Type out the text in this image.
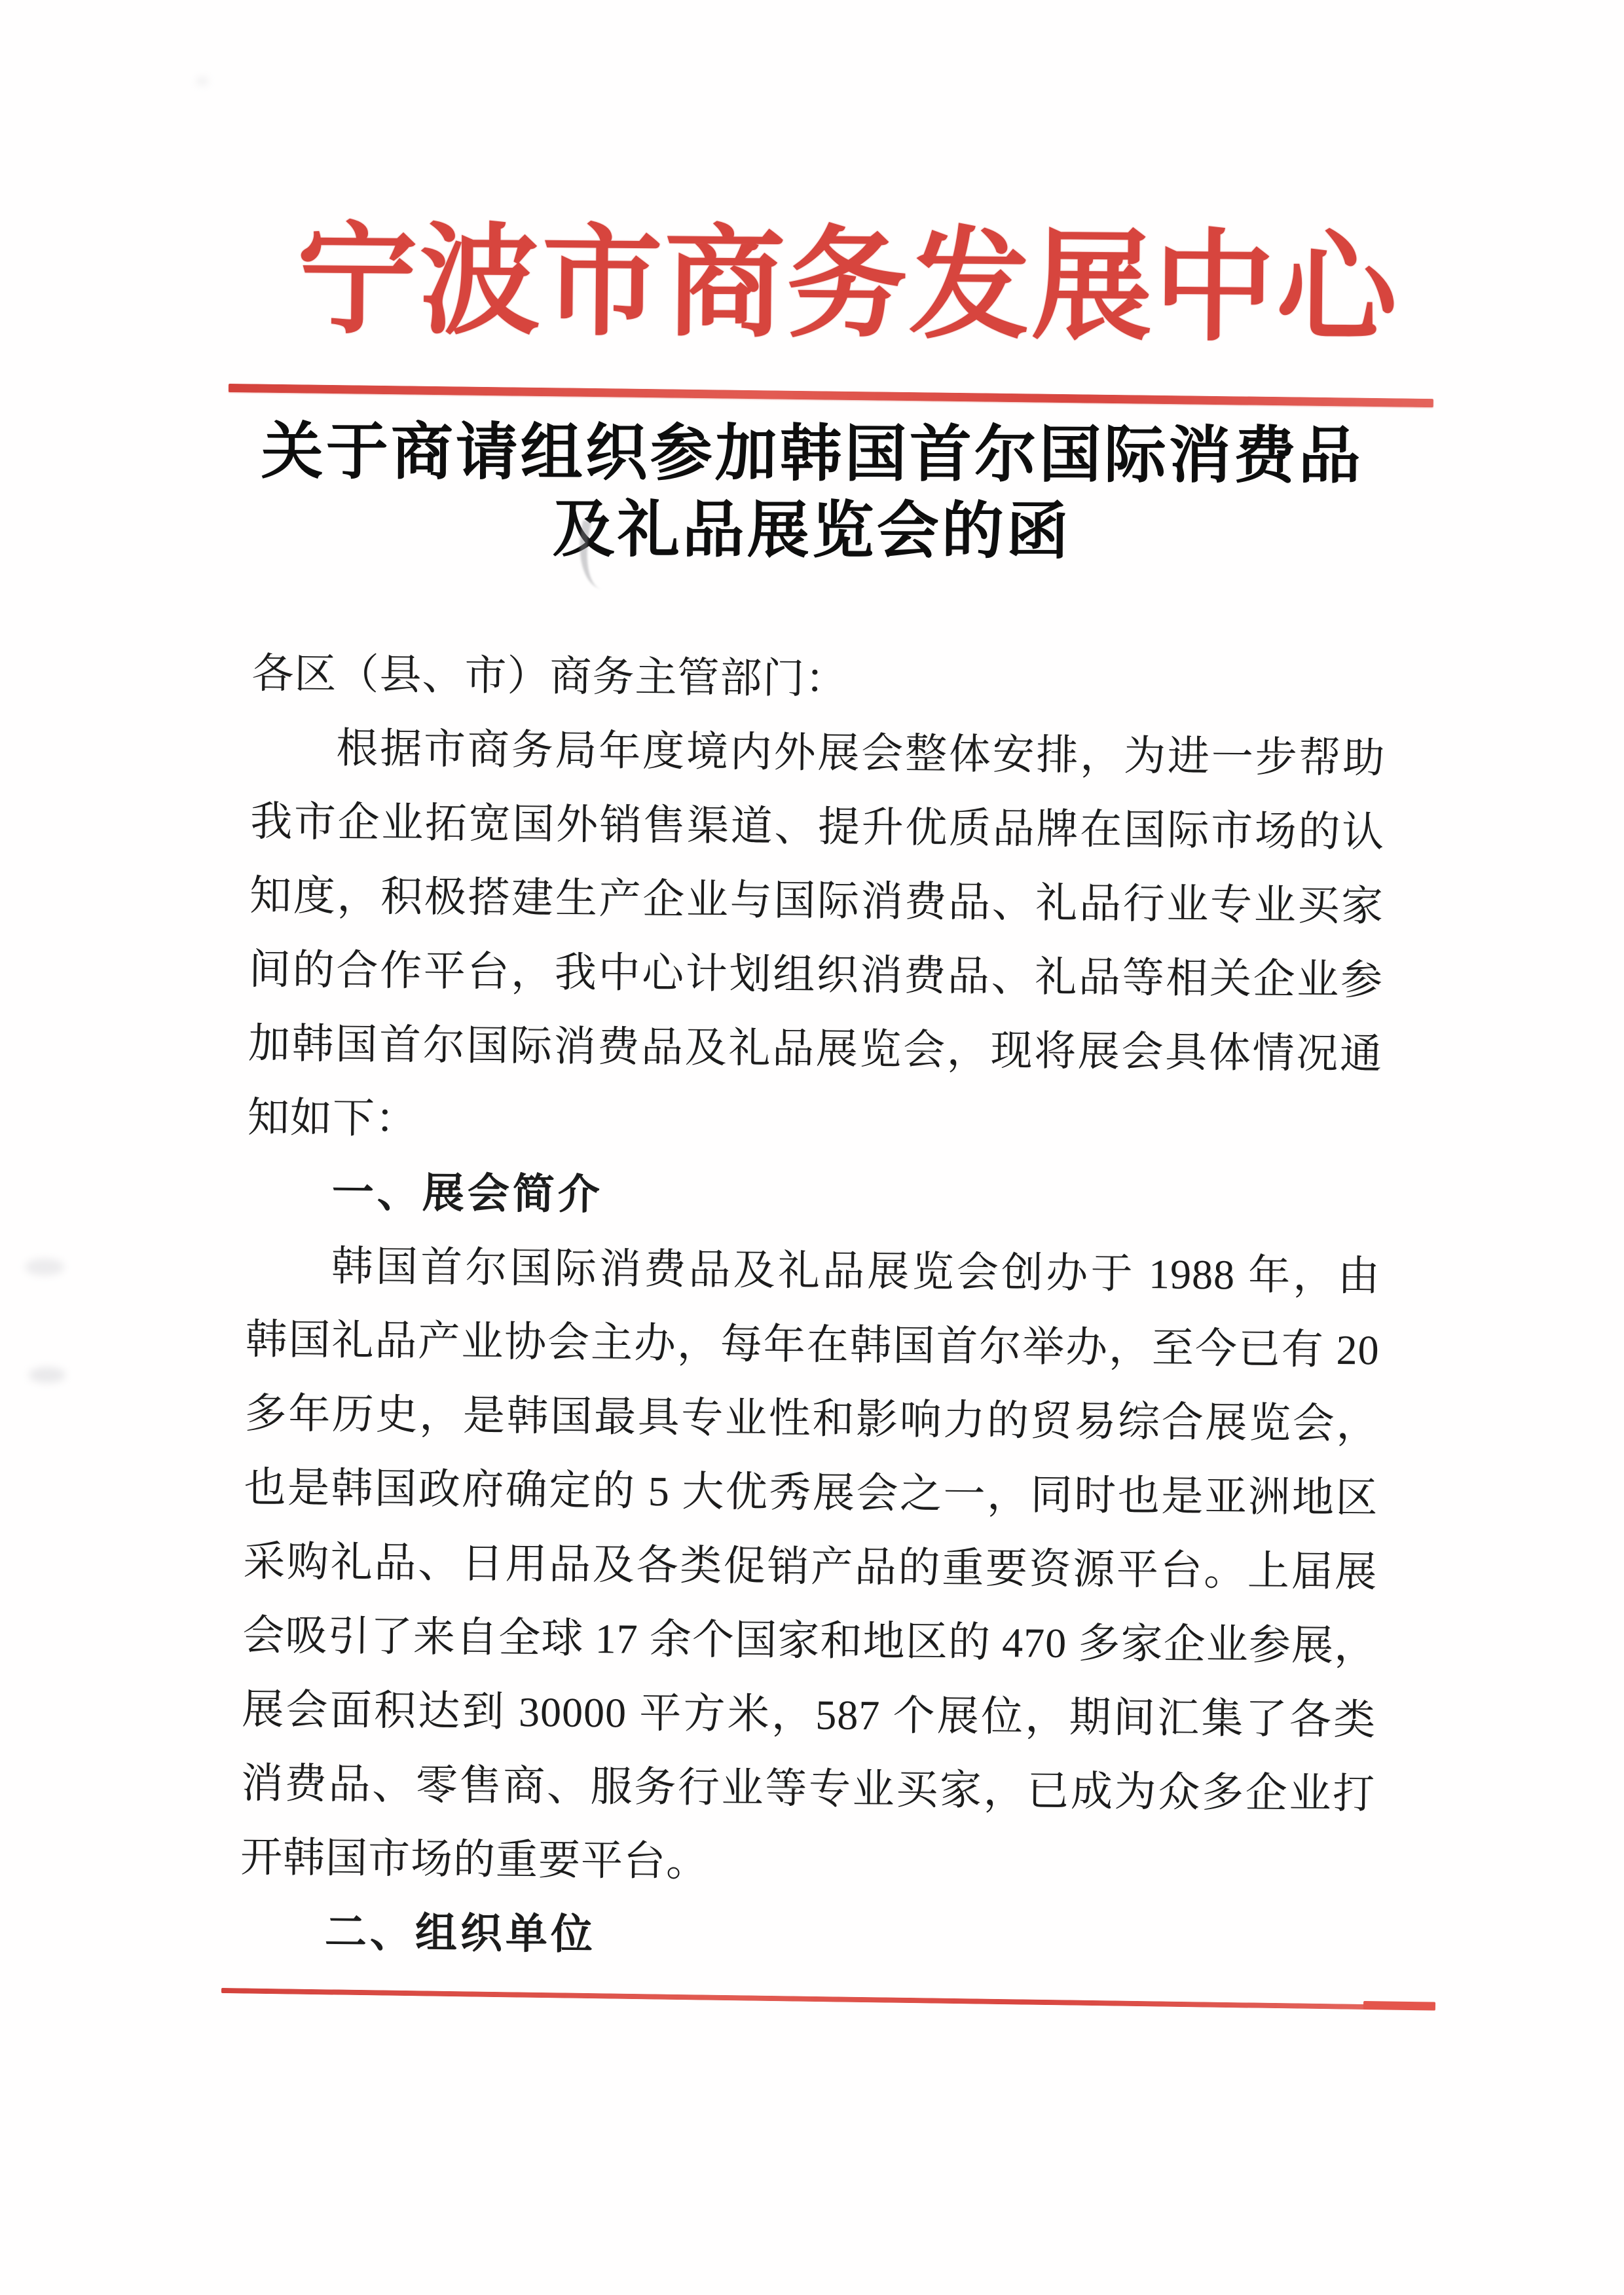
宁波市商务发展中心
关于商请组织参加韩国首尔国际消费品
及礼品展览会的函
各区（县、市）商务主管部门：
根据市商务局年度境内外展会整体安排，为进一步帮助
我市企业拓宽国外销售渠道、提升优质品牌在国际市场的认
知度，积极搭建生产企业与国际消费品、礼品行业专业买家
间的合作平台，我中心计划组织消费品、礼品等相关企业参
加韩国首尔国际消费品及礼品展览会，现将展会具体情况通
知如下：
一、展会简介
韩国首尔国际消费品及礼品展览会创办于 1988 年，由
韩国礼品产业协会主办，每年在韩国首尔举办，至今已有 20
多年历史，是韩国最具专业性和影响力的贸易综合展览会，
也是韩国政府确定的 5 大优秀展会之一，同时也是亚洲地区
采购礼品、日用品及各类促销产品的重要资源平台。上届展
会吸引了来自全球 17 余个国家和地区的 470 多家企业参展，
展会面积达到 30000 平方米，587 个展位，期间汇集了各类
消费品、零售商、服务行业等专业买家，已成为众多企业打
开韩国市场的重要平台。
二、组织单位
